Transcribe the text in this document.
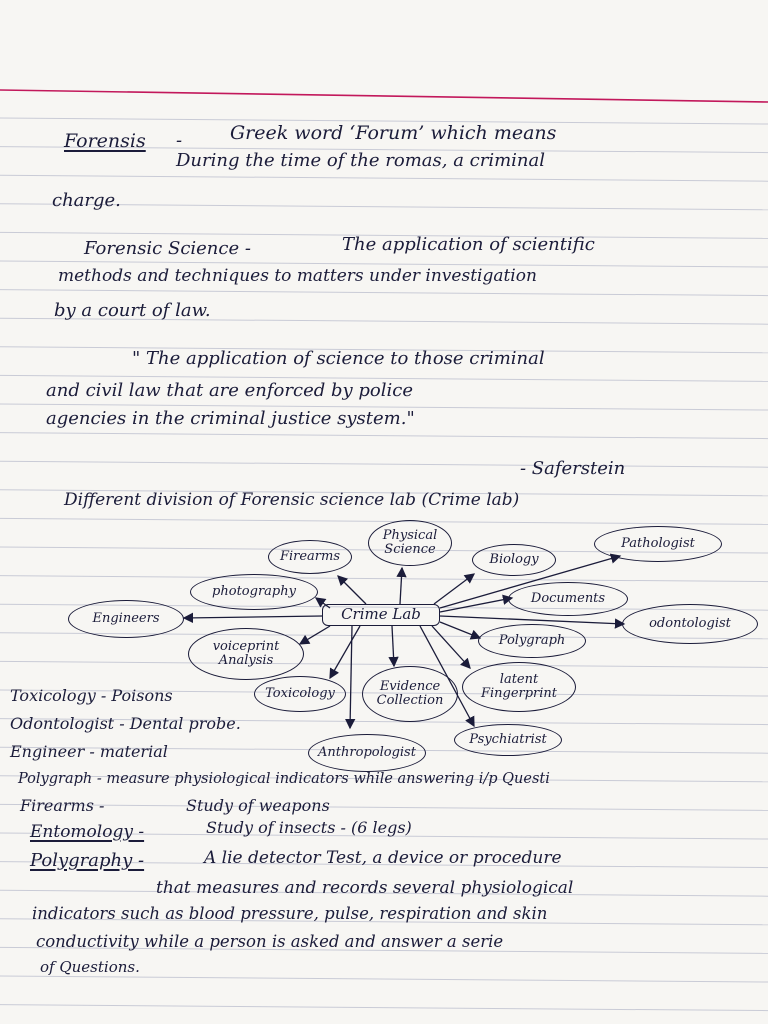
Forensis -	Greek word ‘Forum’ which means
During the time of the romas, a criminal
charge.
Forensic Science -	The application of scientific
methods and techniques to matters under investigation
by a court of law.
" The application of science to those criminal
and civil law that are enforced by police
agencies in the criminal justice system."
- Saferstein
Different division of Forensic science lab (Crime lab)
Crime Lab
Physical Science
Firearms	Biology
Pathologist
photography	Documents
Engineers	odontologist
voiceprint Analysis
Polygraph
latent Fingerprint
Toxicology	Evidence Collection
Anthropologist
Psychiatrist
Toxicology - Poisons
Odontologist - Dental probe.
Engineer - material
Polygraph - measure physiological indicators while answering i/p Questi
Firearms -	Study of weapons
Entomology -	Study of insects - (6 legs)
Polygraphy -	A lie detector Test, a device or procedure
that measures and records several physiological
indicators such as blood pressure, pulse, respiration and skin
conductivity while a person is asked and answer a serie
of Questions.
